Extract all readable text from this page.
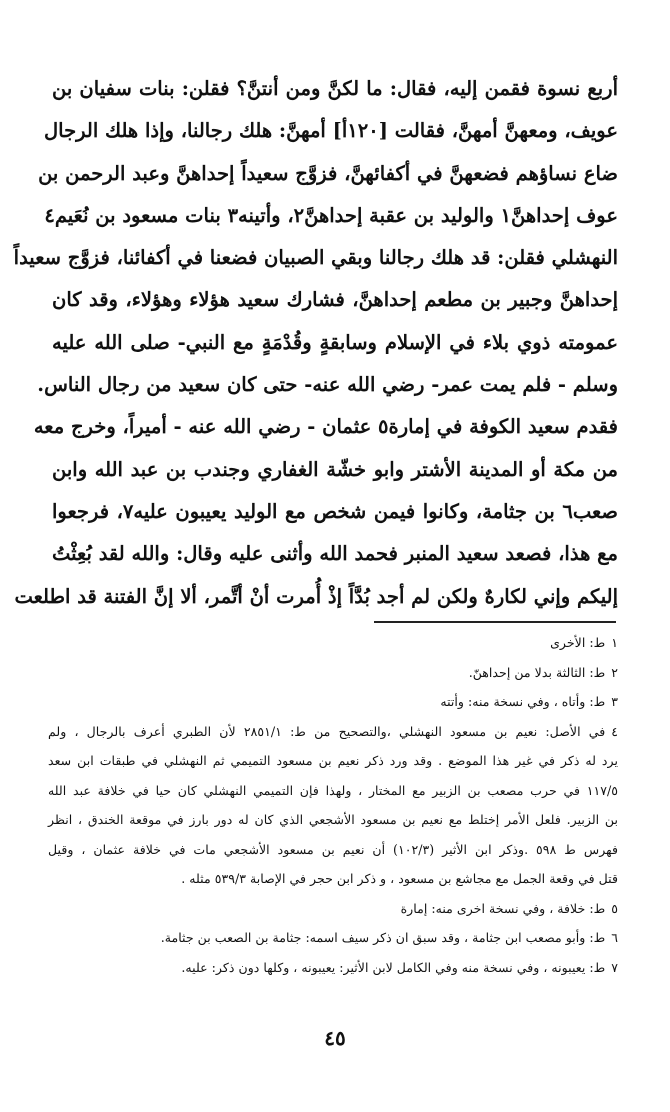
أربع نسوة فقمن إليه، فقال: ما لكنَّ ومن أنتنَّ؟ فقلن: بنات سفيان بن
عويف، ومعهنَّ أمهنَّ، فقالت [١٢٠أ] أمهنَّ: هلك رجالنا، وإذا هلك الرجال
ضاع نساؤهم فضعهنَّ في أكفائهنَّ، فزوَّج سعيداً إحداهنَّ وعبد الرحمن بن
عوف إحداهنَّ١ والوليد بن عقبة إحداهنَّ٢، وأتينه٣ بنات مسعود بن نُعَيم٤
النهشلي فقلن: قد هلك رجالنا وبقي الصبيان فضعنا في أكفائنا، فزوَّج سعيداً
إحداهنَّ وجبير بن مطعم إحداهنَّ، فشارك سعيد هؤلاء وهؤلاء، وقد كان
عمومته ذوي بلاء في الإسلام وسابقةٍ وقُدْمَةٍ مع النبي- صلى الله عليه
وسلم - فلم يمت عمر- رضي الله عنه- حتى كان سعيد من رجال الناس.
فقدم سعيد الكوفة في إمارة٥ عثمان - رضي الله عنه - أميراً، وخرج معه
من مكة أو المدينة الأشتر وابو خشّة الغفاري وجندب بن عبد الله وابن
صعب٦ بن جثامة، وكانوا فيمن شخص مع الوليد يعيبون عليه٧، فرجعوا
مع هذا، فصعد سعيد المنبر فحمد الله وأثنى عليه وقال: والله لقد بُعِثْتُ
إليكم وإني لكارهٌ ولكن لم أجد بُدَّاً إذْ أُمرت أنْ أتَّمر، ألا إنَّ الفتنة قد اطلعت
١ط: الأخرى
٢ط: الثالثة بدلا من إحداهنّ.
٣ط: وأتاه ، وفي نسخة منه: وأتته
٤في الأصل: نعيم بن مسعود النهشلي ،والتصحيح من ط: ٢٨٥١/١ لأن الطبري أعرف بالرجال ، ولم
يرد له ذكر في غير هذا الموضع . وقد ورد ذكر نعيم بن مسعود التميمي ثم النهشلي في طبقات ابن سعد
١١٧/٥ في حرب مصعب بن الزبير مع المختار ، ولهذا فإن التميمي النهشلي كان حيا في خلافة عبد الله
بن الزبير. فلعل الأمر إختلط مع نعيم بن مسعود الأشجعي الذي كان له دور بارز في موقعة الخندق ، انظر
فهرس ط ٥٩٨ .وذكر ابن الأثير (١٠٢/٣) أن نعيم بن مسعود الأشجعي مات في خلافة عثمان ، وقيل
قتل في وقعة الجمل مع مجاشع بن مسعود ، و ذكر ابن حجر في الإصابة ٥٣٩/٣ مثله .
٥ط: خلافة ، وفي نسخة اخرى منه: إمارة
٦ط: وأبو مصعب ابن جثامة ، وقد سبق ان ذكر سيف اسمه: جثامة بن الصعب بن جثامة.
٧ط: يعيبونه ، وفي نسخة منه وفي الكامل لابن الأثير: يعيبونه ، وكلها دون ذكر: عليه.
٤٥
